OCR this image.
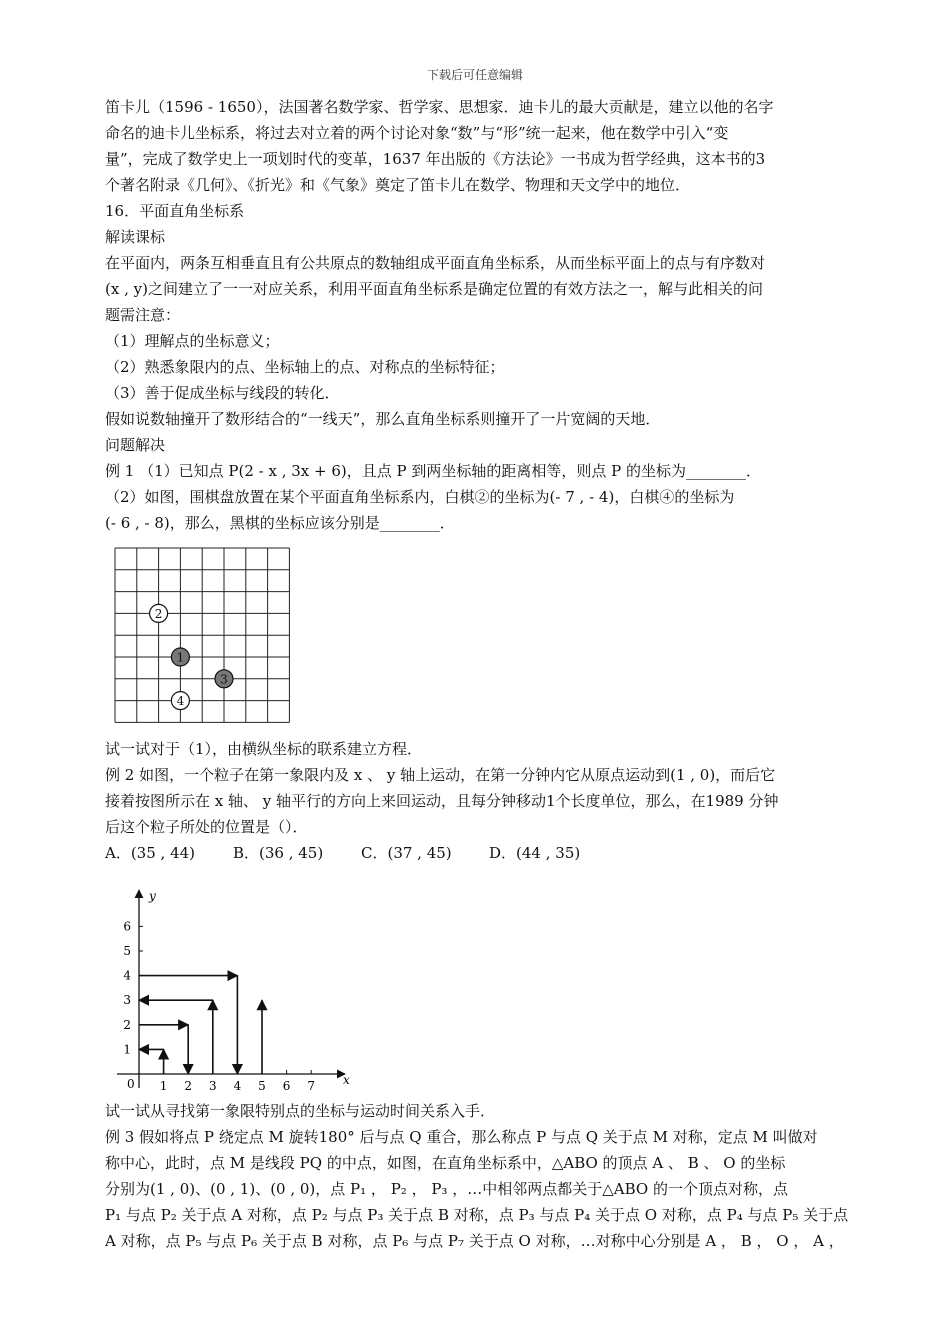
下载后可任意编辑
笛卡儿（1596 - 1650），法国著名数学家、哲学家、思想家．迪卡儿的最大贡献是，建立以他的名字
命名的迪卡儿坐标系，将过去对立着的两个讨论对象“数”与“形”统一起来，他在数学中引入“变
量”，完成了数学史上一项划时代的变革，1637 年出版的《方法论》一书成为哲学经典，这本书的3
个著名附录《几何》、《折光》和《气象》奠定了笛卡儿在数学、物理和天文学中的地位．
16．平面直角坐标系
解读课标
在平面内，两条互相垂直且有公共原点的数轴组成平面直角坐标系，从而坐标平面上的点与有序数对
(x , y)之间建立了一一对应关系，利用平面直角坐标系是确定位置的有效方法之一，解与此相关的问
题需注意：
（1）理解点的坐标意义；
（2）熟悉象限内的点、坐标轴上的点、对称点的坐标特征；
（3）善于促成坐标与线段的转化．
假如说数轴撞开了数形结合的“一线天”，那么直角坐标系则撞开了一片宽阔的天地．
问题解决
例 1 （1）已知点 P(2 - x , 3x + 6)，且点 P 到两坐标轴的距离相等，则点 P 的坐标为________．
（2）如图，围棋盘放置在某个平面直角坐标系内，白棋②的坐标为(- 7 , - 4)，白棋④的坐标为
(- 6 , - 8)，那么，黑棋的坐标应该分别是________．
2
1
3
4
试一试对于（1），由横纵坐标的联系建立方程．
例 2 如图，一个粒子在第一象限内及 x 、 y 轴上运动，在第一分钟内它从原点运动到(1 , 0)，而后它
接着按图所示在 x 轴、 y 轴平行的方向上来回运动，且每分钟移动1个长度单位，那么，在1989 分钟
后这个粒子所处的位置是（）．
A．(35 , 44)	B．(36 , 45)	C．(37 , 45)	D．(44 , 35)
x
y
0 1 2 3 4 5 6 7
1
2
3
4
5
6
试一试从寻找第一象限特别点的坐标与运动时间关系入手．
例 3 假如将点 P 绕定点 M 旋转180° 后与点 Q 重合，那么称点 P 与点 Q 关于点 M 对称，定点 M 叫做对
称中心，此时，点 M 是线段 PQ 的中点，如图，在直角坐标系中，△ABO 的顶点 A 、 B 、 O 的坐标
分别为(1 , 0)、(0 , 1)、(0 , 0)，点 P₁ ， P₂ ， P₃ ，…中相邻两点都关于△ABO 的一个顶点对称，点
P₁ 与点 P₂ 关于点 A 对称，点 P₂ 与点 P₃ 关于点 B 对称，点 P₃ 与点 P₄ 关于点 O 对称，点 P₄ 与点 P₅ 关于点
A 对称，点 P₅ 与点 P₆ 关于点 B 对称，点 P₆ 与点 P₇ 关于点 O 对称，…对称中心分别是 A ， B ， O ， A ，
